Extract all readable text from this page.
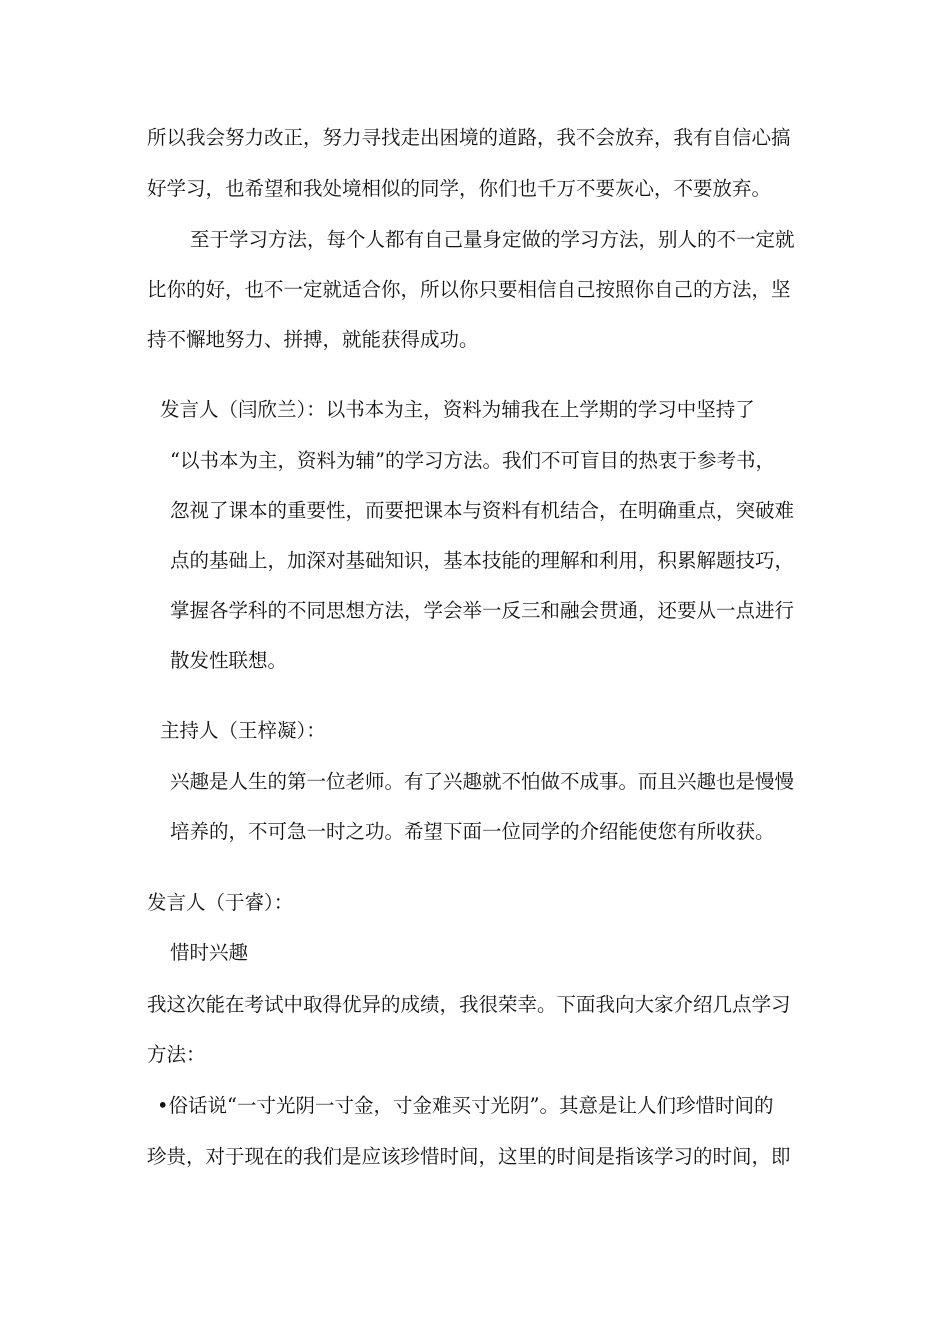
所以我会努力改正，努力寻找走出困境的道路，我不会放弃，我有自信心搞
好学习，也希望和我处境相似的同学，你们也千万不要灰心，不要放弃。
至于学习方法，每个人都有自己量身定做的学习方法，别人的不一定就
比你的好，也不一定就适合你，所以你只要相信自己按照你自己的方法，坚
持不懈地努力、拼搏，就能获得成功。
发言人（闫欣兰）：以书本为主，资料为辅我在上学期的学习中坚持了
“以书本为主，资料为辅”的学习方法。我们不可盲目的热衷于参考书，
忽视了课本的重要性，而要把课本与资料有机结合，在明确重点，突破难
点的基础上，加深对基础知识，基本技能的理解和利用，积累解题技巧，
掌握各学科的不同思想方法，学会举一反三和融会贯通，还要从一点进行
散发性联想。
主持人（王梓凝）：
兴趣是人生的第一位老师。有了兴趣就不怕做不成事。而且兴趣也是慢慢
培养的，不可急一时之功。希望下面一位同学的介绍能使您有所收获。
发言人（于睿）：
惜时兴趣
我这次能在考试中取得优异的成绩，我很荣幸。下面我向大家介绍几点学习
方法：
•俗话说“一寸光阴一寸金，寸金难买寸光阴”。其意是让人们珍惜时间的
珍贵，对于现在的我们是应该珍惜时间，这里的时间是指该学习的时间，即
